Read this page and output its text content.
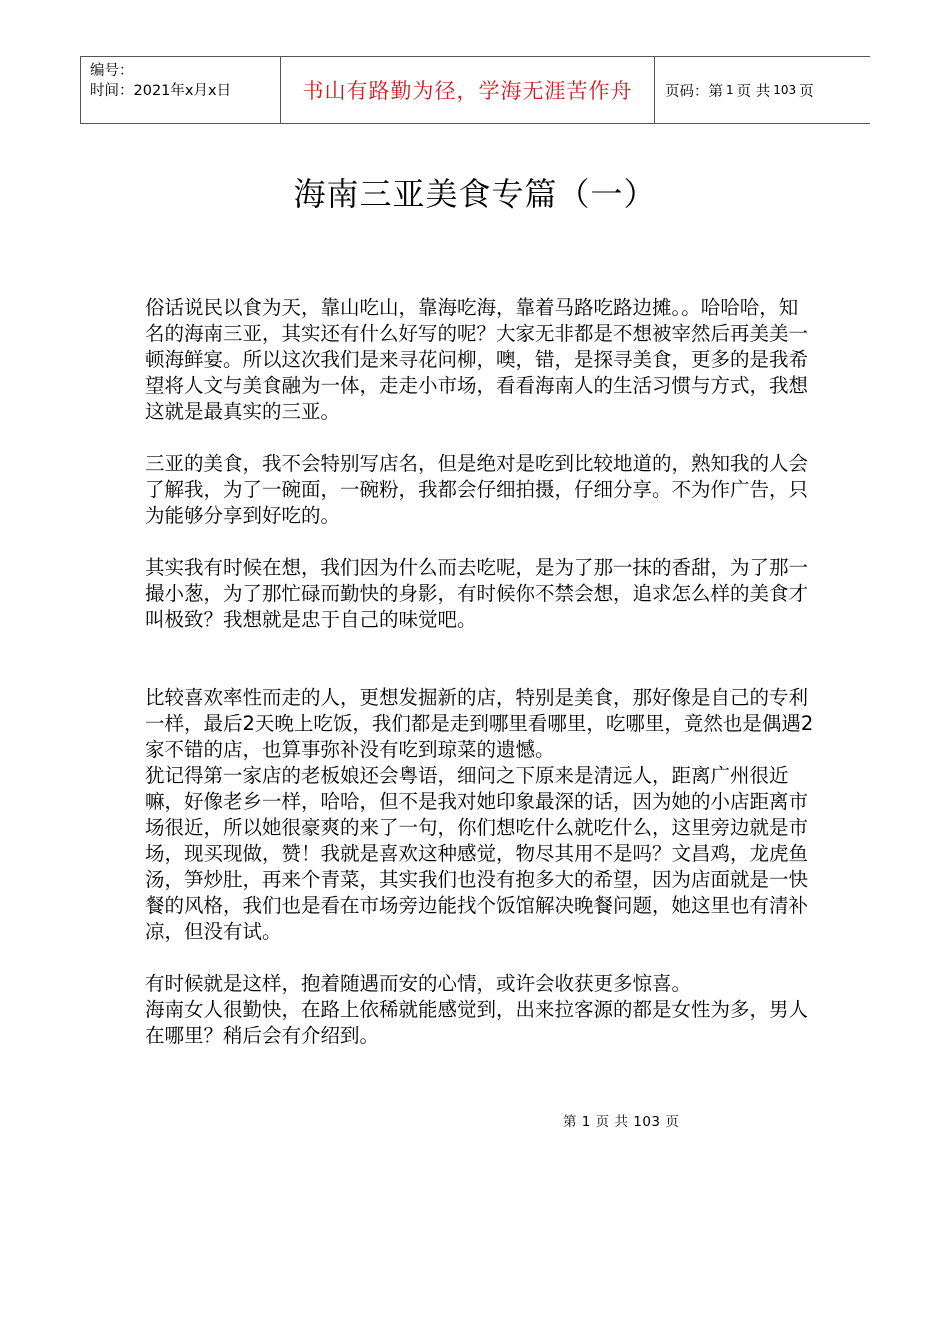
编号：
时间：2021年x月x日	书山有路勤为径，学海无涯苦作舟 页码：第 1 页 共 103 页
海南三亚美食专篇（一）

俗话说民以食为天，靠山吃山，靠海吃海，靠着马路吃路边摊。。哈哈哈，知名的海南三亚，其实还有什么好写的呢？大家无非都是不想被宰然后再美美一顿海鲜宴。所以这次我们是来寻花问柳，噢，错，是探寻美食，更多的是我希望将人文与美食融为一体，走走小市场，看看海南人的生活习惯与方式，我想这就是最真实的三亚。

三亚的美食，我不会特别写店名，但是绝对是吃到比较地道的，熟知我的人会了解我，为了一碗面，一碗粉，我都会仔细拍摄，仔细分享。不为作广告，只为能够分享到好吃的。

其实我有时候在想，我们因为什么而去吃呢，是为了那一抹的香甜，为了那一撮小葱，为了那忙碌而勤快的身影，有时候你不禁会想，追求怎么样的美食才叫极致？我想就是忠于自己的味觉吧。

比较喜欢率性而走的人，更想发掘新的店，特别是美食，那好像是自己的专利一样，最后2天晚上吃饭，我们都是走到哪里看哪里，吃哪里，竟然也是偶遇2家不错的店，也算事弥补没有吃到琼菜的遗憾。

犹记得第一家店的老板娘还会粤语，细问之下原来是清远人，距离广州很近嘛，好像老乡一样，哈哈，但不是我对她印象最深的话，因为她的小店距离市场很近，所以她很豪爽的来了一句，你们想吃什么就吃什么，这里旁边就是市场，现买现做，赞！我就是喜欢这种感觉，物尽其用不是吗？文昌鸡，龙虎鱼汤，笋炒肚，再来个青菜，其实我们也没有抱多大的希望，因为店面就是一快餐的风格，我们也是看在市场旁边能找个饭馆解决晚餐问题，她这里也有清补凉，但没有试。

有时候就是这样，抱着随遇而安的心情，或许会收获更多惊喜。

海南女人很勤快，在路上依稀就能感觉到，出来拉客源的都是女性为多，男人在哪里？稍后会有介绍到。

第 1 页 共 103 页
